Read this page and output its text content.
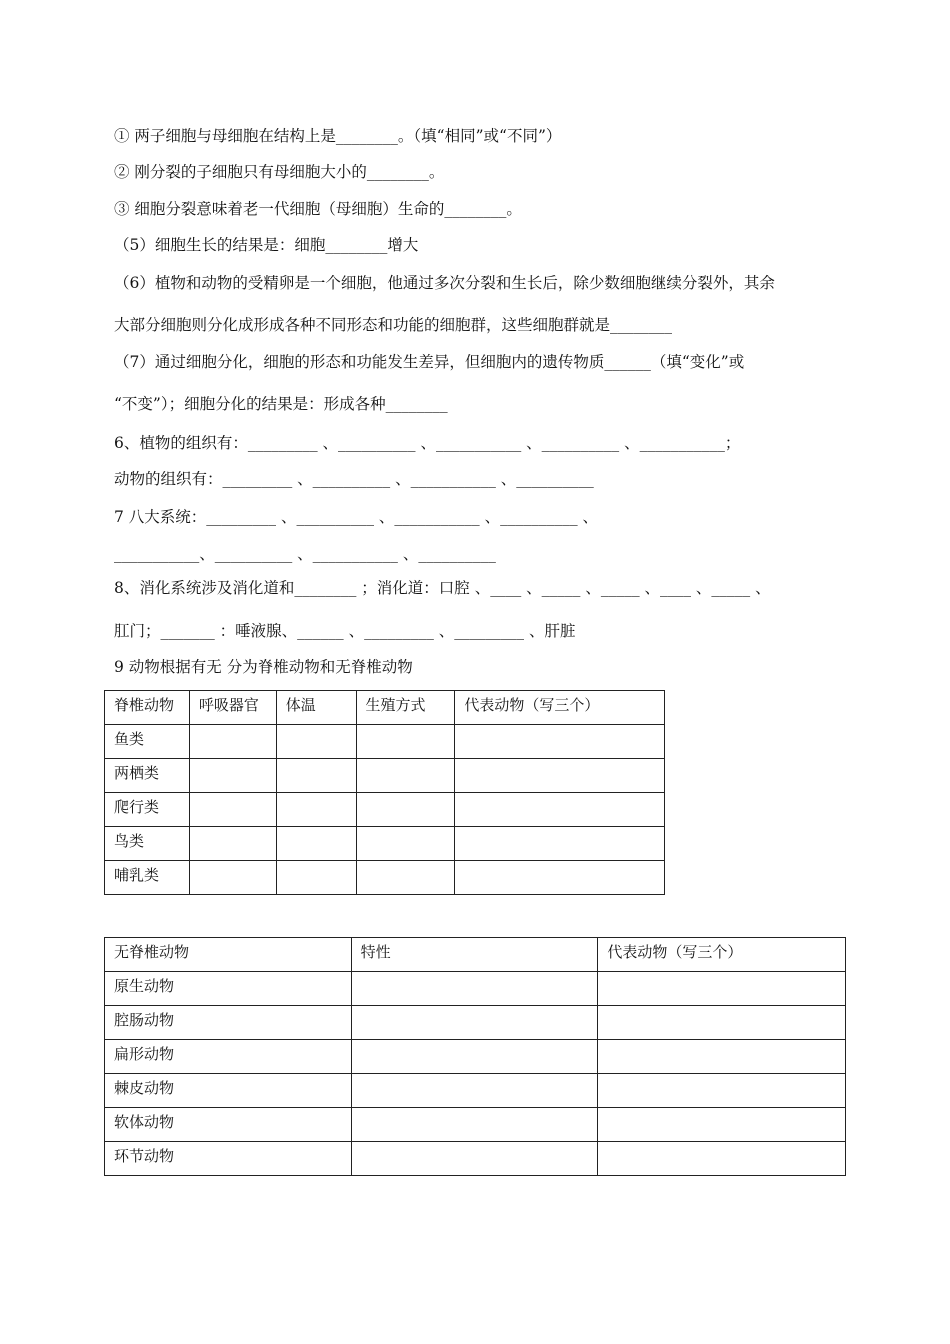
① 两子细胞与母细胞在结构上是________。（填“相同”或“不同”）
② 刚分裂的子细胞只有母细胞大小的________。
③ 细胞分裂意味着老一代细胞（母细胞）生命的________。
（5）细胞生长的结果是：细胞________增大
（6）植物和动物的受精卵是一个细胞，他通过多次分裂和生长后，除少数细胞继续分裂外，其余
大部分细胞则分化成形成各种不同形态和功能的细胞群，这些细胞群就是________
（7）通过细胞分化，细胞的形态和功能发生差异，但细胞内的遗传物质______（填“变化”或
“不变”）；细胞分化的结果是：形成各种________
6、植物的组织有：_________ 、__________ 、___________ 、__________ 、___________；
动物的组织有：_________ 、__________ 、___________ 、__________
7 八大系统：_________ 、__________ 、___________ 、__________ 、
___________、__________ 、___________ 、__________
8、消化系统涉及消化道和________ ；消化道：口腔 、____ 、_____ 、_____ 、____ 、_____ 、
肛门；_______ ：唾液腺、______ 、_________ 、_________ 、肝脏
9 动物根据有无 分为脊椎动物和无脊椎动物
脊椎动物	呼吸器官	体温	生殖方式	代表动物（写三个）
鱼类				
两栖类				
爬行类				
鸟类				
哺乳类				
无脊椎动物	特性	代表动物（写三个）
原生动物		
腔肠动物		
扁形动物		
棘皮动物		
软体动物		
环节动物		
